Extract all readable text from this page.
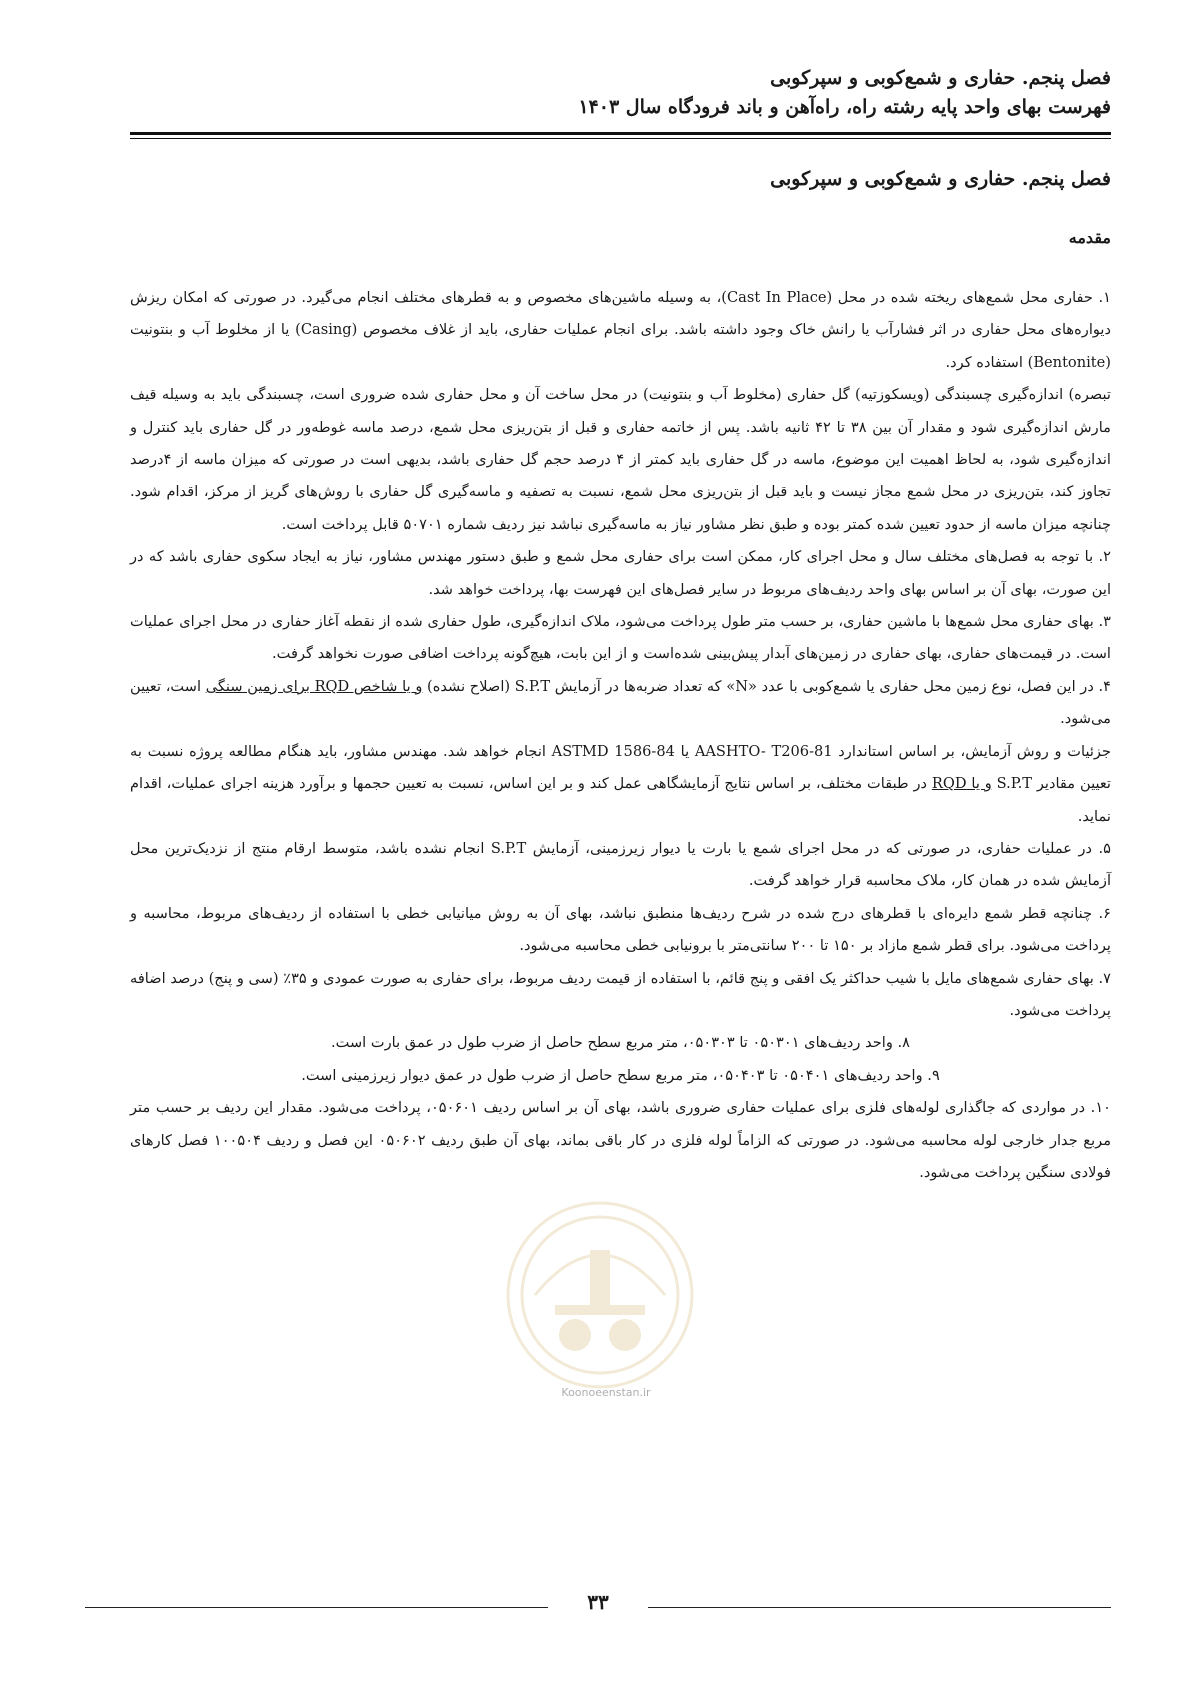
فصل پنجم. حفاری و شمع‌کوبی و سپرکوبی

فهرست بهای واحد پایه رشته راه، راه‌آهن و باند فرودگاه سال ۱۴۰۳

فصل پنجم. حفاری و شمع‌کوبی و سپرکوبی
مقدمه

۱. حفاری محل شمع‌های ریخته شده در محل (Cast In Place)، به وسیله ماشین‌های مخصوص و به قطرهای مختلف انجام می‌گیرد. در صورتی که امکان ریزش دیواره‌های محل حفاری در اثر فشارآب یا رانش خاک وجود داشته باشد. برای انجام عملیات حفاری، باید از غلاف مخصوص (Casing) یا از مخلوط آب و بنتونیت (Bentonite) استفاده کرد.

تبصره) اندازه‌گیری چسبندگی (ویسکوزتیه) گل حفاری (مخلوط آب و بنتونیت) در محل ساخت آن و محل حفاری شده ضروری است، چسبندگی باید به وسیله قیف مارش اندازه‌گیری شود و مقدار آن بین ۳۸ تا ۴۲ ثانیه باشد. پس از خاتمه حفاری و قبل از بتن‌ریزی محل شمع، درصد ماسه غوطه‌ور در گل حفاری باید کنترل و اندازه‌گیری شود، به لحاظ اهمیت این موضوع، ماسه در گل حفاری باید کمتر از ۴ درصد حجم گل حفاری باشد، بدیهی است در صورتی که میزان ماسه از ۴درصد تجاوز کند، بتن‌ریزی در محل شمع مجاز نیست و باید قبل از بتن‌ریزی محل شمع، نسبت به تصفیه و ماسه‌گیری گل حفاری با روش‌های گریز از مرکز، اقدام شود. چنانچه میزان ماسه از حدود تعیین شده کمتر بوده و طبق نظر مشاور نیاز به ماسه‌گیری نباشد نیز ردیف شماره ۵۰۷۰۱ قابل پرداخت است.

۲. با توجه به فصل‌های مختلف سال و محل اجرای کار، ممکن است برای حفاری محل شمع و طبق دستور مهندس مشاور، نیاز به ایجاد سکوی حفاری باشد که در این صورت، بهای آن بر اساس بهای واحد ردیف‌های مربوط در سایر فصل‌های این فهرست بها، پرداخت خواهد شد.

۳. بهای حفاری محل شمع‌ها با ماشین حفاری، بر حسب متر طول پرداخت می‌شود، ملاک اندازه‌گیری، طول حفاری شده از نقطه آغاز حفاری در محل اجرای عملیات است. در قیمت‌های حفاری، بهای حفاری در زمین‌های آبدار پیش‌بینی شده‌است و از این بابت، هیچ‌گونه پرداخت اضافی صورت نخواهد گرفت.

۴. در این فصل، نوع زمین محل حفاری یا شمع‌کوبی با عدد «N» که تعداد ضربه‌ها در آزمایش S.P.T (اصلاح نشده) و یا شاخص RQD برای زمین سنگی است، تعیین می‌شود.

جزئیات و روش آزمایش، بر اساس استاندارد AASHTO- T206-81 یا ASTMD 1586-84 انجام خواهد شد. مهندس مشاور، باید هنگام مطالعه پروژه نسبت به تعیین مقادیر S.P.T و یا RQD در طبقات مختلف، بر اساس نتایج آزمایشگاهی عمل کند و بر این اساس، نسبت به تعیین حجمها و برآورد هزینه اجرای عملیات، اقدام نماید.

۵. در عملیات حفاری، در صورتی که در محل اجرای شمع یا بارت یا دیوار زیرزمینی، آزمایش S.P.T انجام نشده باشد، متوسط ارقام منتج از نزدیک‌ترین محل آزمایش شده در همان کار، ملاک محاسبه قرار خواهد گرفت.

۶. چنانچه قطر شمع دایره‌ای با قطرهای درج شده در شرح ردیف‌ها منطبق نباشد، بهای آن به روش میانیابی خطی با استفاده از ردیف‌های مربوط، محاسبه و پرداخت می‌شود. برای قطر شمع مازاد بر ۱۵۰ تا ۲۰۰ سانتی‌متر با برونیابی خطی محاسبه می‌شود.

۷. بهای حفاری شمع‌های مایل با شیب حداکثر یک افقی و پنج قائم، با استفاده از قیمت ردیف مربوط، برای حفاری به صورت عمودی و ۳۵٪ (سی و پنج) درصد اضافه پرداخت می‌شود.

۸. واحد ردیف‌های ۰۵۰۳۰۱ تا ۰۵۰۳۰۳، متر مربع سطح حاصل از ضرب طول در عمق بارت است.

۹. واحد ردیف‌های ۰۵۰۴۰۱ تا ۰۵۰۴۰۳، متر مربع سطح حاصل از ضرب طول در عمق دیوار زیرزمینی است.

۱۰. در مواردی که جاگذاری لوله‌های فلزی برای عملیات حفاری ضروری باشد، بهای آن بر اساس ردیف ۰۵۰۶۰۱، پرداخت می‌شود. مقدار این ردیف بر حسب متر مربع جدار خارجی لوله محاسبه می‌شود. در صورتی که الزاماً لوله فلزی در کار باقی بماند، بهای آن طبق ردیف ۰۵۰۶۰۲ این فصل و ردیف ۱۰۰۵۰۴ فصل کارهای فولادی سنگین پرداخت می‌شود.

Koonoeenstan.ir
۳۳
